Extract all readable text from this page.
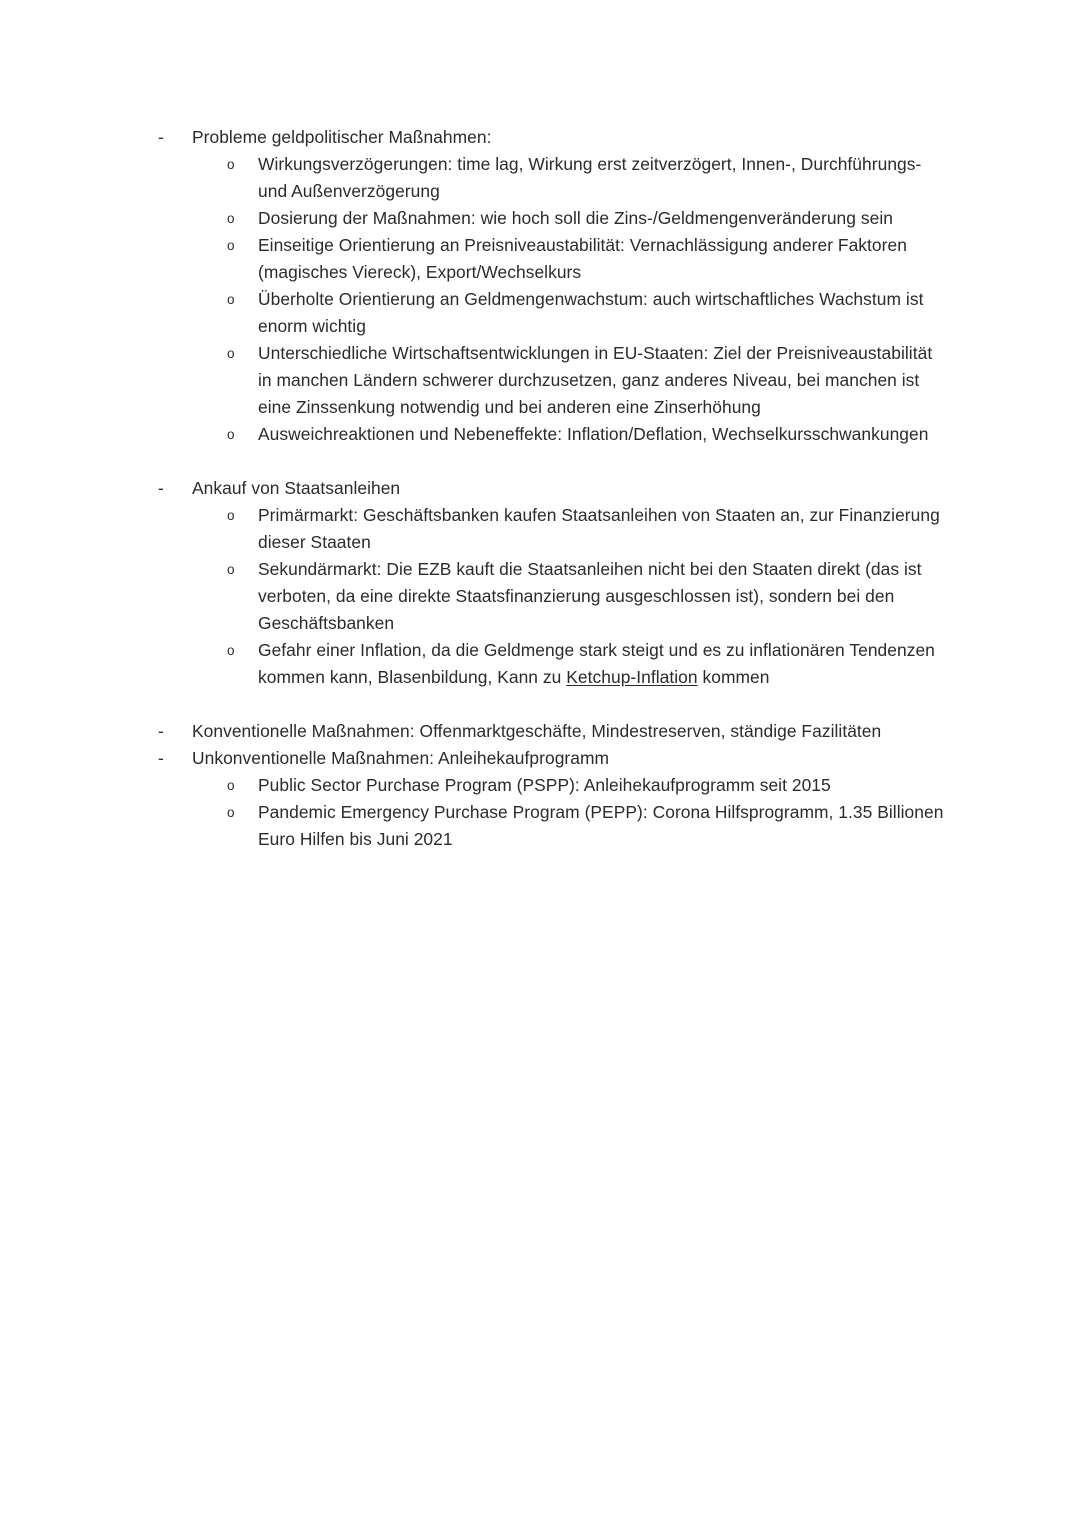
-	Probleme geldpolitischer Maßnahmen:
o	Wirkungsverzögerungen: time lag, Wirkung erst zeitverzögert, Innen-, Durchführungs- und Außenverzögerung
o	Dosierung der Maßnahmen: wie hoch soll die Zins-/Geldmengenveränderung sein
o	Einseitige Orientierung an Preisniveaustabilität: Vernachlässigung anderer Faktoren (magisches Viereck), Export/Wechselkurs
o	Überholte Orientierung an Geldmengenwachstum: auch wirtschaftliches Wachstum ist enorm wichtig
o	Unterschiedliche Wirtschaftsentwicklungen in EU-Staaten: Ziel der Preisniveaustabilität in manchen Ländern schwerer durchzusetzen, ganz anderes Niveau, bei manchen ist eine Zinssenkung notwendig und bei anderen eine Zinserhöhung
o	Ausweichreaktionen und Nebeneffekte: Inflation/Deflation, Wechselkursschwankungen
-	Ankauf von Staatsanleihen
o	Primärmarkt: Geschäftsbanken kaufen Staatsanleihen von Staaten an, zur Finanzierung dieser Staaten
o	Sekundärmarkt: Die EZB kauft die Staatsanleihen nicht bei den Staaten direkt (das ist verboten, da eine direkte Staatsfinanzierung ausgeschlossen ist), sondern bei den Geschäftsbanken
o	Gefahr einer Inflation, da die Geldmenge stark steigt und es zu inflationären Tendenzen kommen kann, Blasenbildung, Kann zu Ketchup-Inflation kommen
-	Konventionelle Maßnahmen: Offenmarktgeschäfte, Mindestreserven, ständige Fazilitäten
-	Unkonventionelle Maßnahmen: Anleihekaufprogramm
o	Public Sector Purchase Program (PSPP): Anleihekaufprogramm seit 2015
o	Pandemic Emergency Purchase Program (PEPP): Corona Hilfsprogramm, 1.35 Billionen Euro Hilfen bis Juni 2021
